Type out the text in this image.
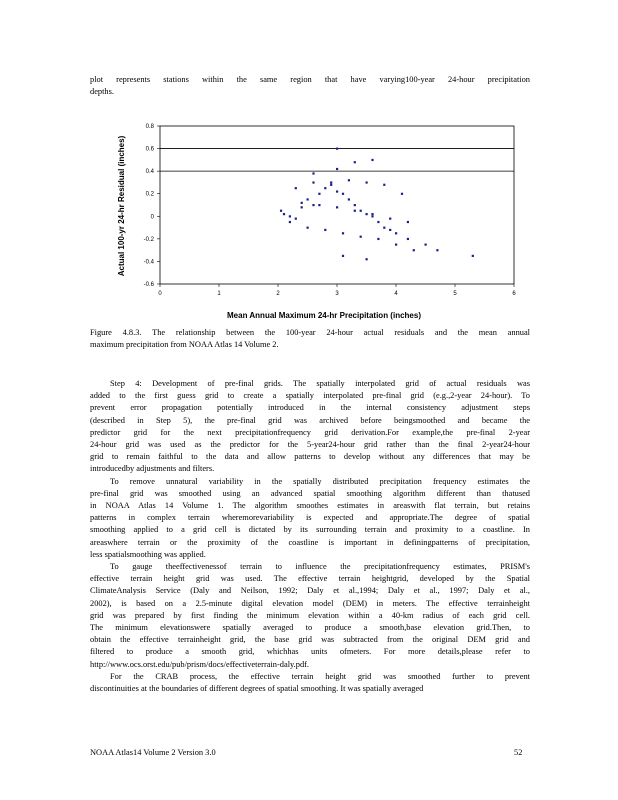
plot represents stations within the same region that have varying100-year 24-hour precipitation
depths.
0	1	2	3	4	5	6
-0.6
-0.4
-0.2
0
0.2
0.4
0.6
0.8
Actual 100-yr 24-hr Residual (inches)
Mean Annual Maximum 24-hr Precipitation (inches)
Figure 4.8.3. The relationship between the 100-year 24-hour actual residuals and the mean annual
maximum precipitation from NOAA Atlas 14 Volume 2.
Step 4: Development of pre-final grids. The spatially interpolated grid of actual residuals was
added to the first guess grid to create a spatially interpolated pre-final grid (e.g.,2-year 24-hour). To
prevent error propagation potentially introduced in the internal consistency adjustment steps
(described in Step 5), the pre-final grid was archived before beingsmoothed and became the
predictor grid for the next precipitationfrequency grid derivation.For example,the pre-final 2-year
24-hour grid was used as the predictor for the 5-year24-hour grid rather than the final 2-year24-hour
grid to remain faithful to the data and allow patterns to develop without any differences that may be
introducedby adjustments and filters.
To remove unnatural variability in the spatially distributed precipitation frequency estimates the
pre-final grid was smoothed using an advanced spatial smoothing algorithm different than thatused
in NOAA Atlas 14 Volume 1. The algorithm smoothes estimates in areaswith flat terrain, but retains
patterns in complex terrain wheremorevariability is expected and appropriate.The degree of spatial
smoothing applied to a grid cell is dictated by its surrounding terrain and proximity to a coastline. In
areaswhere terrain or the proximity of the coastline is important in definingpatterns of precipitation,
less spatialsmoothing was applied.
To gauge theeffectivenessof terrain to influence the precipitationfrequency estimates, PRISM's
effective terrain height grid was used. The effective terrain heightgrid, developed by the Spatial
ClimateAnalysis Service (Daly and Neilson, 1992; Daly et al.,1994; Daly et al., 1997; Daly et al.,
2002), is based on a 2.5-minute digital elevation model (DEM) in meters. The effective terrainheight
grid was prepared by first finding the minimum elevation within a 40-km radius of each grid cell.
The minimum elevationswere spatially averaged to produce a smooth,base elevation grid.Then, to
obtain the effective terrainheight grid, the base grid was subtracted from the original DEM grid and
filtered to produce a smooth grid, whichhas units ofmeters. For more details,please refer to
http://www.ocs.orst.edu/pub/prism/docs/effectiveterrain-daly.pdf.
For the CRAB process, the effective terrain height grid was smoothed further to prevent
discontinuities at the boundaries of different degrees of spatial smoothing. It was spatially averaged
NOAA Atlas14 Volume 2 Version 3.0	52
